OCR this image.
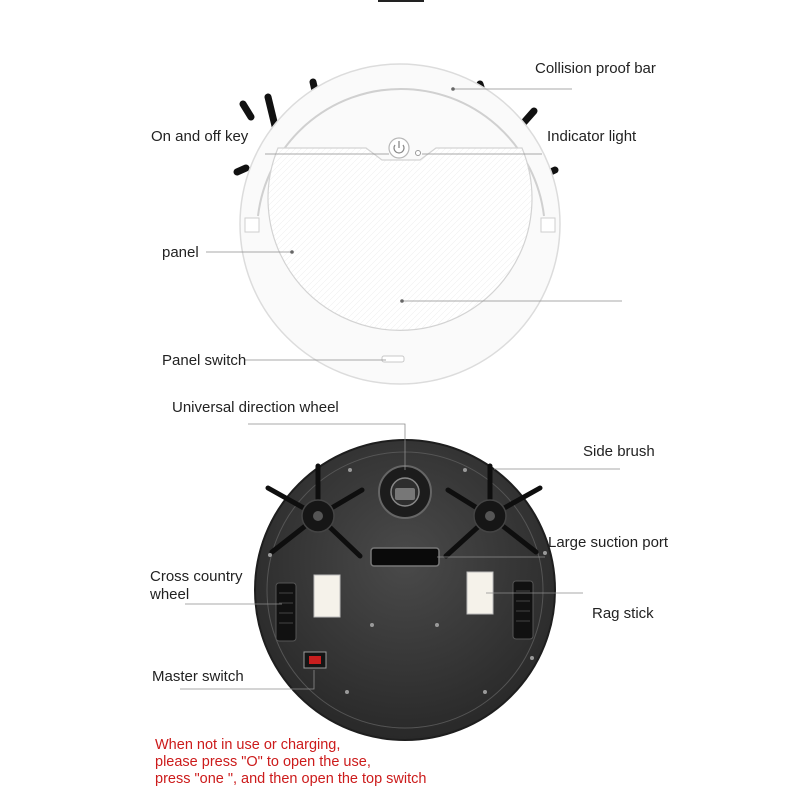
Collision proof bar
On and off key	Indicator light
panel
Panel switch
Universal direction wheel
Side brush
Large suction port
Cross country
wheel
Rag stick
Master switch
When not in use or charging,
please press "O" to open the use,
press "one ", and then open the top switch
